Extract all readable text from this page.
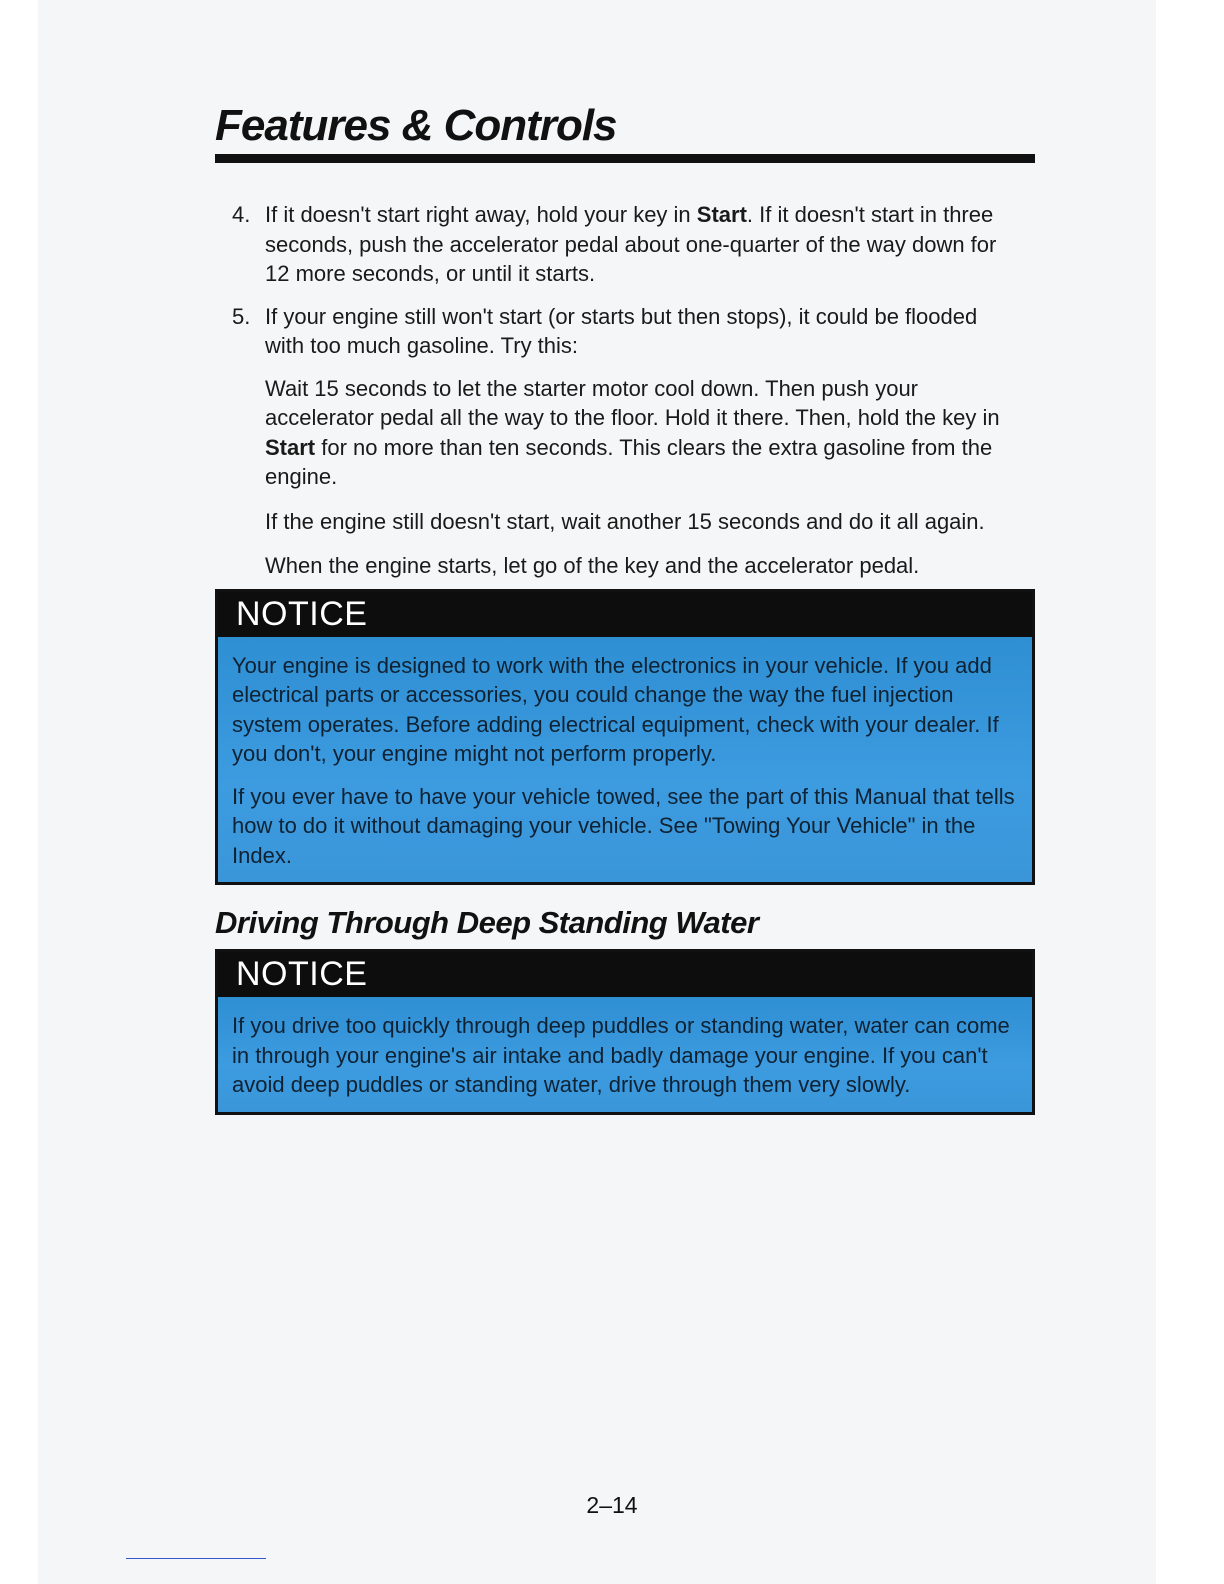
Features & Controls
4. If it doesn't start right away, hold your key in Start. If it doesn't start in three seconds, push the accelerator pedal about one-quarter of the way down for 12 more seconds, or until it starts.
5. If your engine still won't start (or starts but then stops), it could be flooded with too much gasoline. Try this:

Wait 15 seconds to let the starter motor cool down. Then push your accelerator pedal all the way to the floor. Hold it there. Then, hold the key in Start for no more than ten seconds. This clears the extra gasoline from the engine.

If the engine still doesn't start, wait another 15 seconds and do it all again.

When the engine starts, let go of the key and the accelerator pedal.

NOTICE

Your engine is designed to work with the electronics in your vehicle. If you add electrical parts or accessories, you could change the way the fuel injection system operates. Before adding electrical equipment, check with your dealer. If you don't, your engine might not perform properly.

If you ever have to have your vehicle towed, see the part of this Manual that tells how to do it without damaging your vehicle. See "Towing Your Vehicle" in the Index.

Driving Through Deep Standing Water
NOTICE

If you drive too quickly through deep puddles or standing water, water can come in through your engine's air intake and badly damage your engine. If you can't avoid deep puddles or standing water, drive through them very slowly.

2–14
